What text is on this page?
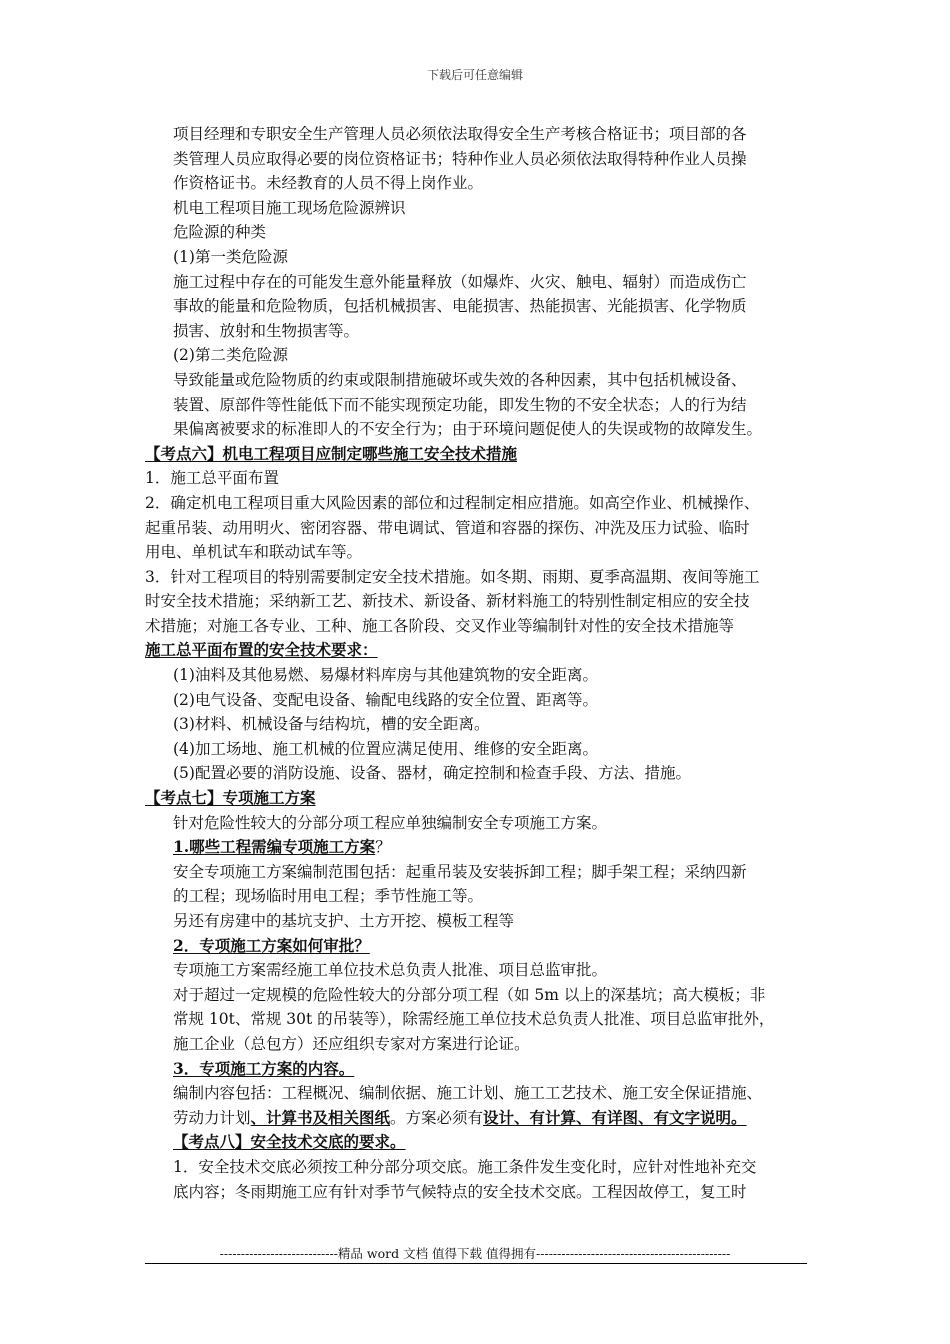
下载后可任意编辑
项目经理和专职安全生产管理人员必须依法取得安全生产考核合格证书；项目部的各
类管理人员应取得必要的岗位资格证书；特种作业人员必须依法取得特种作业人员操
作资格证书。未经教育的人员不得上岗作业。
机电工程项目施工现场危险源辨识
危险源的种类
(1)第一类危险源
施工过程中存在的可能发生意外能量释放（如爆炸、火灾、触电、辐射）而造成伤亡
事故的能量和危险物质，包括机械损害、电能损害、热能损害、光能损害、化学物质
损害、放射和生物损害等。
(2)第二类危险源
导致能量或危险物质的约束或限制措施破坏或失效的各种因素，其中包括机械设备、
装置、原部件等性能低下而不能实现预定功能，即发生物的不安全状态；人的行为结
果偏离被要求的标准即人的不安全行为；由于环境问题促使人的失误或物的故障发生。
【考点六】机电工程项目应制定哪些施工安全技术措施
1．施工总平面布置
2．确定机电工程项目重大风险因素的部位和过程制定相应措施。如高空作业、机械操作、
起重吊装、动用明火、密闭容器、带电调试、管道和容器的探伤、冲洗及压力试验、临时
用电、单机试车和联动试车等。
3．针对工程项目的特别需要制定安全技术措施。如冬期、雨期、夏季高温期、夜间等施工
时安全技术措施；采纳新工艺、新技术、新设备、新材料施工的特别性制定相应的安全技
术措施；对施工各专业、工种、施工各阶段、交叉作业等编制针对性的安全技术措施等
施工总平面布置的安全技术要求：
(1)油料及其他易燃、易爆材料库房与其他建筑物的安全距离。
(2)电气设备、变配电设备、输配电线路的安全位置、距离等。
(3)材料、机械设备与结构坑，槽的安全距离。
(4)加工场地、施工机械的位置应满足使用、维修的安全距离。
(5)配置必要的消防设施、设备、器材，确定控制和检查手段、方法、措施。
【考点七】专项施工方案
针对危险性较大的分部分项工程应单独编制安全专项施工方案。
1.哪些工程需编专项施工方案？
安全专项施工方案编制范围包括：起重吊装及安装拆卸工程；脚手架工程；采纳四新
的工程；现场临时用电工程；季节性施工等。
另还有房建中的基坑支护、土方开挖、模板工程等
2．专项施工方案如何审批？
专项施工方案需经施工单位技术总负责人批准、项目总监审批。
对于超过一定规模的危险性较大的分部分项工程（如 5m 以上的深基坑；高大模板；非
常规 10t、常规 30t 的吊装等），除需经施工单位技术总负责人批准、项目总监审批外，
施工企业（总包方）还应组织专家对方案进行论证。
3．专项施工方案的内容。
编制内容包括：工程概况、编制依据、施工计划、施工工艺技术、施工安全保证措施、
劳动力计划、计算书及相关图纸。方案必须有设计、有计算、有详图、有文字说明。
【考点八】安全技术交底的要求。
1．安全技术交底必须按工种分部分项交底。施工条件发生变化时，应针对性地补充交
底内容；冬雨期施工应有针对季节气候特点的安全技术交底。工程因故停工，复工时
----------------------------精品 word 文档 值得下载 值得拥有----------------------------------------------
